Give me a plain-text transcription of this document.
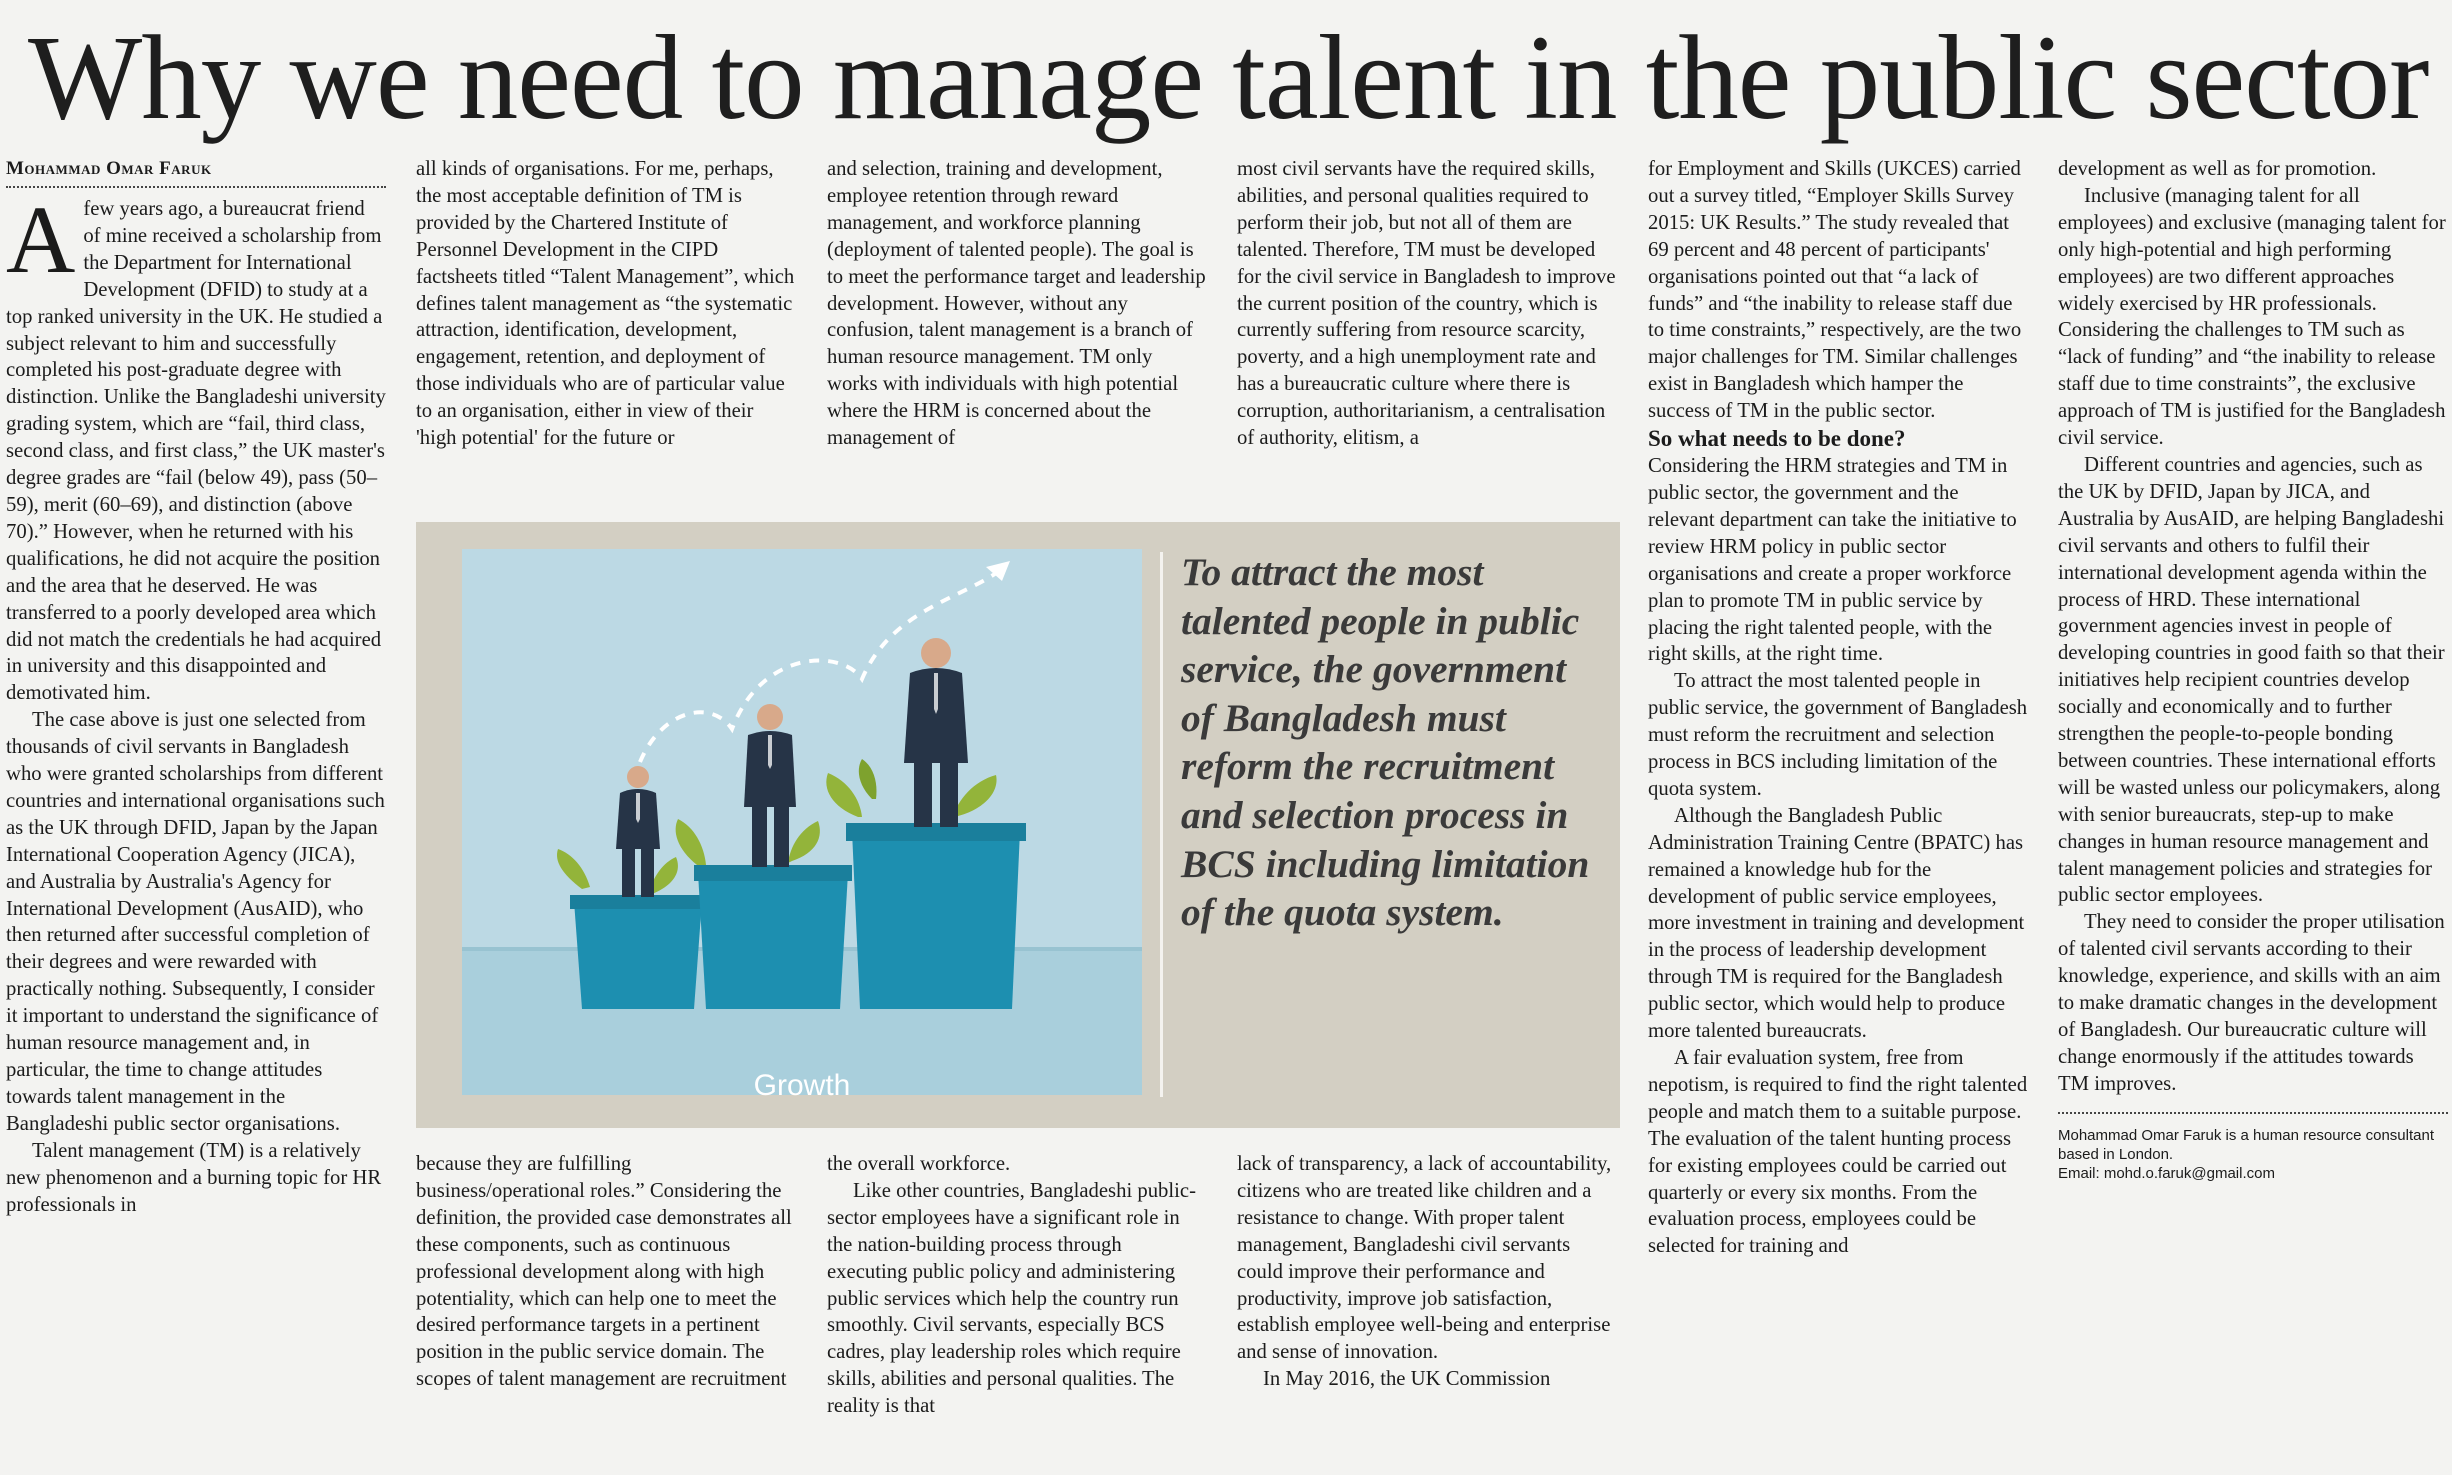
Why we need to manage talent in the public sector
Mohammad Omar Faruk

A few years ago, a bureaucrat friend of mine received a scholarship from the Department for International Development (DFID) to study at a top ranked university in the UK. He studied a subject relevant to him and successfully completed his post-graduate degree with distinction. Unlike the Bangladeshi university grading system, which are “fail, third class, second class, and first class,” the UK master's degree grades are “fail (below 49), pass (50–59), merit (60–69), and distinction (above 70).” However, when he returned with his qualifications, he did not acquire the position and the area that he deserved. He was transferred to a poorly developed area which did not match the credentials he had acquired in university and this disappointed and demotivated him.

The case above is just one selected from thousands of civil servants in Bangladesh who were granted scholarships from different countries and international organisations such as the UK through DFID, Japan by the Japan International Cooperation Agency (JICA), and Australia by Australia's Agency for International Development (AusAID), who then returned after successful completion of their degrees and were rewarded with practically nothing. Subsequently, I consider it important to understand the significance of human resource management and, in particular, the time to change attitudes towards talent management in the Bangladeshi public sector organisations.

Talent management (TM) is a relatively new phenomenon and a burning topic for HR professionals in

all kinds of organisations. For me, perhaps, the most acceptable definition of TM is provided by the Chartered Institute of Personnel Development in the CIPD factsheets titled “Talent Management”, which defines talent management as “the systematic attraction, identification, development, engagement, retention, and deployment of those individuals who are of particular value to an organisation, either in view of their 'high potential' for the future or

and selection, training and development, employee retention through reward management, and workforce planning (deployment of talented people). The goal is to meet the performance target and leadership development. However, without any confusion, talent management is a branch of human resource management. TM only works with individuals with high potential where the HRM is concerned about the management of

most civil servants have the required skills, abilities, and personal qualities required to perform their job, but not all of them are talented. Therefore, TM must be developed for the civil service in Bangladesh to improve the current position of the country, which is currently suffering from resource scarcity, poverty, and a high unemployment rate and has a bureaucratic culture where there is corruption, authoritarianism, a centralisation of authority, elitism, a

Growth
To attract the most talented people in public service, the government of Bangladesh must reform the recruitment and selection process in BCS including limitation of the quota system.

because they are fulfilling business/operational roles.” Considering the definition, the provided case demonstrates all these components, such as continuous professional development along with high potentiality, which can help one to meet the desired performance targets in a pertinent position in the public service domain. The scopes of talent management are recruitment

the overall workforce.

Like other countries, Bangladeshi public-sector employees have a significant role in the nation-building process through executing public policy and administering public services which help the country run smoothly. Civil servants, especially BCS cadres, play leadership roles which require skills, abilities and personal qualities. The reality is that

lack of transparency, a lack of accountability, citizens who are treated like children and a resistance to change. With proper talent management, Bangladeshi civil servants could improve their performance and productivity, improve job satisfaction, establish employee well-being and enterprise and sense of innovation.

In May 2016, the UK Commission

for Employment and Skills (UKCES) carried out a survey titled, “Employer Skills Survey 2015: UK Results.” The study revealed that 69 percent and 48 percent of participants' organisations pointed out that “a lack of funds” and “the inability to release staff due to time constraints,” respectively, are the two major challenges for TM. Similar challenges exist in Bangladesh which hamper the success of TM in the public sector.

So what needs to be done?

Considering the HRM strategies and TM in public sector, the government and the relevant department can take the initiative to review HRM policy in public sector organisations and create a proper workforce plan to promote TM in public service by placing the right talented people, with the right skills, at the right time.

To attract the most talented people in public service, the government of Bangladesh must reform the recruitment and selection process in BCS including limitation of the quota system.

Although the Bangladesh Public Administration Training Centre (BPATC) has remained a knowledge hub for the development of public service employees, more investment in training and development in the process of leadership development through TM is required for the Bangladesh public sector, which would help to produce more talented bureaucrats.

A fair evaluation system, free from nepotism, is required to find the right talented people and match them to a suitable purpose. The evaluation of the talent hunting process for existing employees could be carried out quarterly or every six months. From the evaluation process, employees could be selected for training and

development as well as for promotion.

Inclusive (managing talent for all employees) and exclusive (managing talent for only high-potential and high performing employees) are two different approaches widely exercised by HR professionals. Considering the challenges to TM such as “lack of funding” and “the inability to release staff due to time constraints”, the exclusive approach of TM is justified for the Bangladesh civil service.

Different countries and agencies, such as the UK by DFID, Japan by JICA, and Australia by AusAID, are helping Bangladeshi civil servants and others to fulfil their international development agenda within the process of HRD. These international government agencies invest in people of developing countries in good faith so that their initiatives help recipient countries develop socially and economically and to further strengthen the people-to-people bonding between countries. These international efforts will be wasted unless our policymakers, along with senior bureaucrats, step-up to make changes in human resource management and talent management policies and strategies for public sector employees.

They need to consider the proper utilisation of talented civil servants according to their knowledge, experience, and skills with an aim to make dramatic changes in the development of Bangladesh. Our bureaucratic culture will change enormously if the attitudes towards TM improves.

Mohammad Omar Faruk is a human resource consultant based in London.
Email: mohd.o.faruk@gmail.com
